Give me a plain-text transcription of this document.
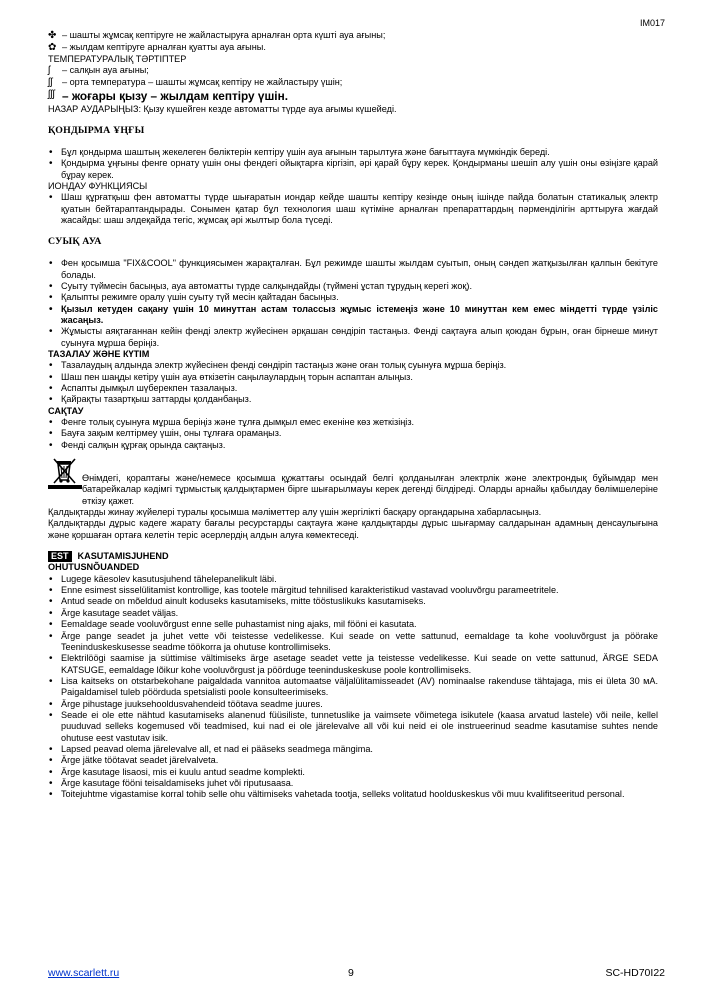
IM017
✤ – шашты жұмсақ кептіруге не жайластыруға арналған орта күшті ауа ағыны;
✿ – жылдам кептіруге арналған қуатты ауа ағыны.

ТЕМПЕРАТУРАЛЫҚ ТӘРТІПТЕР

ʃ	– салқын ауа ағыны;
ʃʃ	– орта температура – шашты жұмсақ кептіру не жайластыру үшін;
ʃʃʃ – жоғары қызу – жылдам кептіру үшін.

НАЗАР АУДАРЫҢЫЗ: Қызу күшейген кезде автоматты түрде ауа ағымы күшейеді.

ҚОНДЫРМА ҰҢҒЫ

• Бұл қондырма шаштың жекелеген бөліктерін кептіру үшін ауа ағынын тарылтуға және бағыттауға мүмкіндік береді.
• Қондырма ұңғыны фенге орнату үшін оны фендегі ойықтарға кіргізіп, әрі қарай бұру керек. Қондырманы шешіп алу үшін оны өзіңізге қарай бұрау керек.

ИОНДАУ ФУНКЦИЯСЫ

• Шаш құрғатқыш фен автоматты түрде шығаратын иондар кейде шашты кептіру кезінде оның ішінде пайда болатын статикалық электр қуатын бейтараптандырады. Сонымен қатар бұл технология шаш күтіміне арналған препараттардың пәрмендiлігін арттыруға жағдай жасайды: шаш элдеқайда тегіс, жұмсақ әрі жылтыр бола түседі.

СУЫҚ АУА

• Фен қосымша "FIX&COOL" функциясымен жарақталған. Бұл режимде шашты жылдам суытып, оның сәндеп жатқызылған қалпын бекітуге болады.
• Суыту түймесін басыңыз, ауа автоматты түрде салқындайды (түймені ұстап тұрудың керегі жоқ).
• Қалыпты режимге оралу үшін суыту түй месін қайтадан басыңыз.
• Қызыл кетуден сақану үшін 10 минуттан астам толассыз жұмыс істемеңіз және 10 минуттан кем емес міндетті түрде үзіліс жасаңыз.
• Жұмысты аяқтағаннан кейін фенді электр жүйесінен әрқашан сөндіріп тастаңыз. Фенді сақтауға алып қоюдан бұрын, оған бірнеше минут суынуға мұрша беріңіз.

ТАЗАЛАУ ЖӘНЕ КҮТІМ

• Тазалаудың алдында электр жүйесінен фенді сөндіріп тастаңыз және оған толық суынуға мұрша беріңіз.
• Шаш пен шаңды кетіру үшін ауа өткізетін саңылаулардың торын аспаптан алыңыз.
• Аспапты дымқыл шүберекпен тазалаңыз.
• Қайрақты тазартқыш заттарды қолданбаңыз.

САҚТАУ

• Фенге толық суынуға мұрша беріңіз және тұлға дымқыл емес екеніне көз жеткізіңіз.
• Бауға зақым келтірмеу үшін, оны тұлғаға орамаңыз.
• Фенді салқын құрғақ орында сақтаңыз.
Өнімдегі, қораптағы және/немесе қосымша құжаттағы осындай белгі қолданылған электрлік және электрондық бұйымдар мен батарейкалар кәдімгі тұрмыстық қалдықтармен бірге шығарылмауы керек дегенді білдіреді. Оларды арнайы қабылдау бөлімшелеріне өткізу қажет.

Қалдықтарды жинау жүйелері туралы қосымша мәліметтер алу үшін жергілікті басқару органдарына хабарласыңыз.

Қалдықтарды дұрыс кәдеге жарату бағалы ресурстарды сақтауға және қалдықтарды дұрыс шығармау салдарынан адамның денсаулығына және қоршаған ортаға келетін теріс әсерлердің алдын алуға көмектеседі.

EST KASUTAMISJUHEND

OHUTUSNÕUANDED

• Lugege käesolev kasutusjuhend tähelepanelikult läbi.
• Enne esimest sisselülitamist kontrollige, kas tootele märgitud tehnilised karakteristikud vastavad vooluvõrgu parameetritele.
• Antud seade on mõeldud ainult koduseks kasutamiseks, mitte tööstuslikuks kasutamiseks.
• Ärge kasutage seadet väljas.
• Eemaldage seade vooluvõrgust enne selle puhastamist ning ajaks, mil fööni ei kasutata.
• Ärge pange seadet ja juhet vette või teistesse vedelikesse. Kui seade on vette sattunud, eemaldage ta kohe vooluvõrgust ja pöörake Teeninduskeskusesse seadme töökorra ja ohutuse kontrollimiseks.
• Elektrilöögi saamise ja süttimise vältimiseks ärge asetage seadet vette ja teistesse vedelikesse. Kui seade on vette sattunud, ÄRGE SEDA KATSUGE, eemaldage lõikur kohe vooluvõrgust ja pöörduge teeninduskeskuse poole kontrollimiseks.
• Lisa kaitseks on otstarbekohane paigaldada vannitoa automaatse väljalülitamisseadet (AV) nominaalse rakenduse tähtajaga, mis ei ületa 30 мА. Paigaldamisel tuleb pöörduda spetsialisti poole konsulteerimiseks.
• Ärge pihustage juuksehooldusvahendeid töötava seadme juures.
• Seade ei ole ette nähtud kasutamiseks alanenud füüsiliste, tunnetuslike ja vaimsete võimetega isikutele (kaasa arvatud lastele) või neile, kellel puuduvad selleks kogemused või teadmised, kui nad ei ole järelevalve all või kui neid ei ole instrueerinud seadme kasutamise suhtes nende ohutuse eest vastutav isik.
• Lapsed peavad olema järelevalve all, et nad ei pääseks seadmega mängima.
• Ärge jätke töötavat seadet järelvalveta.
• Ärge kasutage lisaosi, mis ei kuulu antud seadme komplekti.
• Ärge kasutage fööni teisaldamiseks juhet või riputusaasa.
• Toitejuhtme vigastamise korral tohib selle ohu vältimiseks vahetada tootja, selleks volitatud hoolduskeskus või muu kvalifitseeritud personal.
www.scarlett.ru	9	SC-HD70I22
